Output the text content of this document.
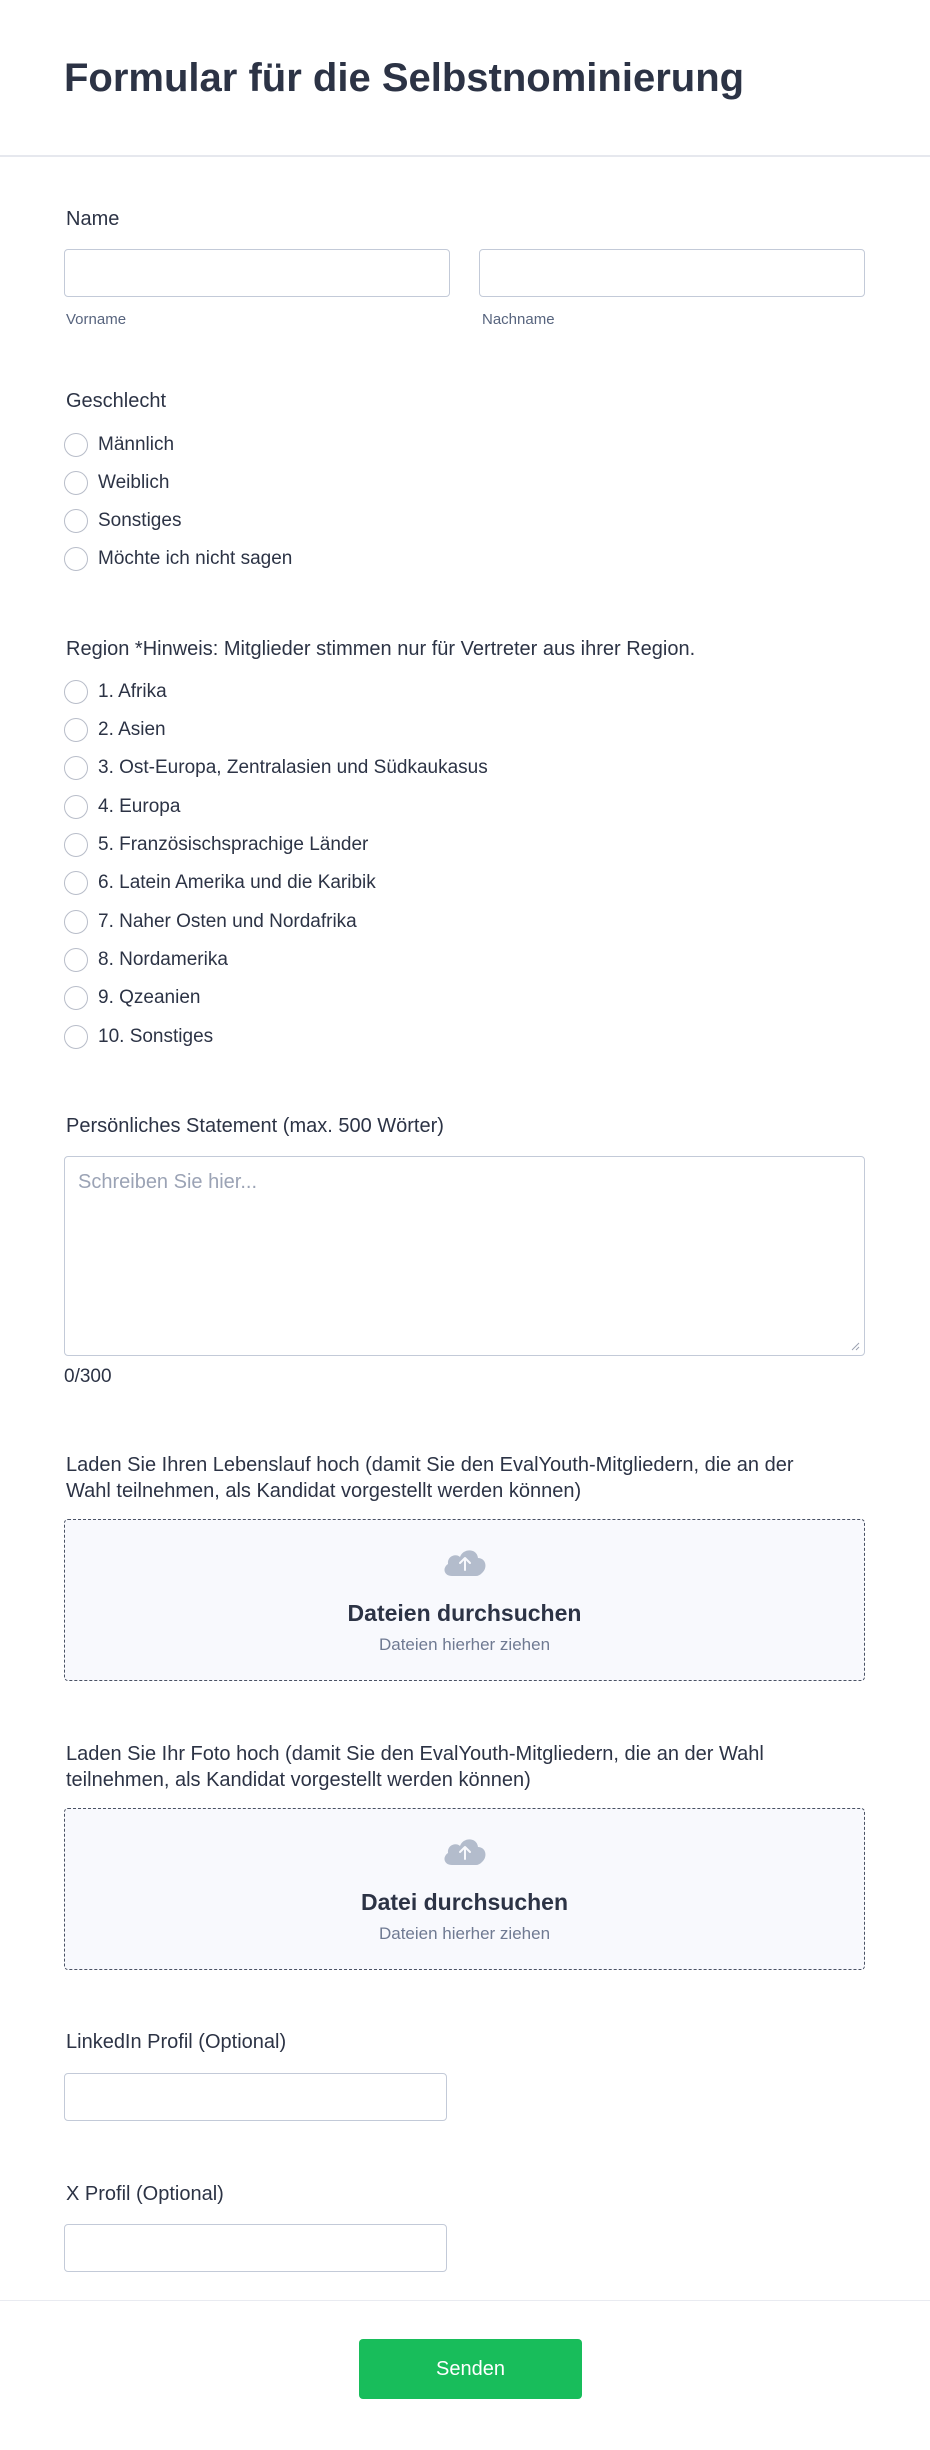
Formular für die Selbstnominierung
Name
Vorname	Nachname
Geschlecht
Männlich
Weiblich
Sonstiges
Möchte ich nicht sagen
Region *Hinweis: Mitglieder stimmen nur für Vertreter aus ihrer Region.
1. Afrika
2. Asien
3. Ost-Europa, Zentralasien und Südkaukasus
4. Europa
5. Französischsprachige Länder
6. Latein Amerika und die Karibik
7. Naher Osten und Nordafrika
8. Nordamerika
9. Qzeanien
10. Sonstiges
Persönliches Statement (max. 500 Wörter)
Schreiben Sie hier...
0/300
Laden Sie Ihren Lebenslauf hoch (damit Sie den EvalYouth-Mitgliedern, die an der
Wahl teilnehmen, als Kandidat vorgestellt werden können)
Dateien durchsuchen
Dateien hierher ziehen
Laden Sie Ihr Foto hoch (damit Sie den EvalYouth-Mitgliedern, die an der Wahl
teilnehmen, als Kandidat vorgestellt werden können)
Datei durchsuchen
Dateien hierher ziehen
LinkedIn Profil (Optional)
X Profil (Optional)
Senden
